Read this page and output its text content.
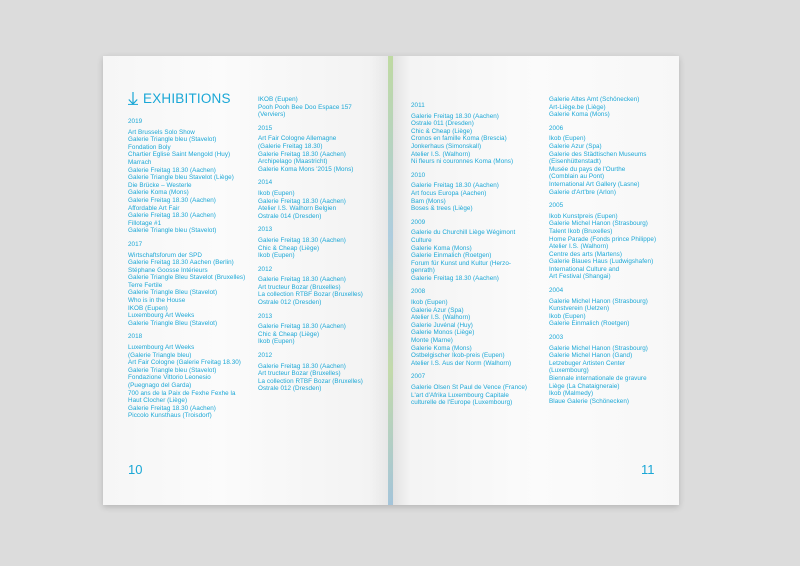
EXHIBITIONS
2019
Art Brussels Solo Show
Galerie Triangle bleu (Stavelot)
Fondation Boly
Chartier Eglise Saint Mengold (Huy)
Marrach
Galerie Freitag 18.30 (Aachen)
Galerie Triangle bleu Stavelot (Liège)
Die Brücke – Westerle
Galerie Koma (Mons)
Galerie Freitag 18.30 (Aachen)
Affordable Art Fair
Galerie Freitag 18.30 (Aachen)
Fillotage #1
Galerie Triangle bleu (Stavelot)
2017
Wirtschaftsforum der SPD
Galerie Freitag 18.30 Aachen (Berlin)
Stéphane Goosse Intérieurs
Galerie Triangle Bleu Stavelot (Bruxelles)
Terre Fertile
Galerie Triangle Bleu (Stavelot)
Who is in the House
IKOB (Eupen)
Luxembourg Art Weeks
Galerie Triangle Bleu (Stavelot)
2018
Luxembourg Art Weeks
(Galerie Triangle bleu)
Art Fair Cologne (Galerie Freitag 18.30)
Galerie Triangle bleu (Stavelot)
Fondazione Vittorio Leonesio
(Puegnago del Garda)
700 ans de la Paix de Fexhe Fexhe la
Haut Clocher (Liège)
Galerie Freitag 18.30 (Aachen)
Piccolo Kunsthaus (Troisdorf)
IKOB (Eupen)
Pooh Pooh Bee Doo Espace 157
(Verviers)
2015
Art Fair Cologne Allemagne
(Galerie Freitag 18.30)
Galerie Freitag 18.30 (Aachen)
Archipelago (Maastricht)
Galerie Koma Mons '2015 (Mons)
2014
Ikob (Eupen)
Galerie Freitag 18.30 (Aachen)
Atelier I.S. Walhorn Belgien
Ostrale 014 (Dresden)
2013
Galerie Freitag 18.30 (Aachen)
Chic & Cheap (Liège)
Ikob (Eupen)
2012
Galerie Freitag 18.30 (Aachen)
Art tructeur Bozar (Bruxelles)
La collection RTBF Bozar (Bruxelles)
Ostrale 012 (Dresden)
2013
Galerie Freitag 18.30 (Aachen)
Chic & Cheap (Liège)
Ikob (Eupen)
2012
Galerie Freitag 18.30 (Aachen)
Art tructeur Bozar (Bruxelles)
La collection RTBF Bozar (Bruxelles)
Ostrale 012 (Dresden)
10
2011
Galerie Freitag 18.30 (Aachen)
Ostrale 011 (Dresden)
Chic & Cheap (Liège)
Cronos en famille Koma (Brescia)
Jonkerhaus (Simonskall)
Atelier I.S. (Walhorn)
Ni fleurs ni couronnes Koma (Mons)
2010
Galerie Freitag 18.30 (Aachen)
Art focus Europa (Aachen)
Bam (Mons)
Boses & trees (Liège)
2009
Galerie du Churchill Liège Wégimont
Culture
Galerie Koma (Mons)
Galerie Einmalich (Roetgen)
Forum für Kunst und Kultur (Herzo-
genrath)
Galerie Freitag 18.30 (Aachen)
2008
Ikob (Eupen)
Galerie Azur (Spa)
Atelier I.S. (Walhorn)
Galerie Juvénal (Huy)
Galerie Monos (Liège)
Monte (Marne)
Galerie Koma (Mons)
Ostbelgischer Ikob-preis (Eupen)
Atelier I.S. Aus der Norm (Walhorn)
2007
Galerie Olsen St Paul de Vence (France)
L'art d'Afrika Luxembourg Capitale
culturelle de l'Europe (Luxembourg)
Galerie Altes Amt (Schönecken)
Art-Liège.be (Liège)
Galerie Koma (Mons)
2006
Ikob (Eupen)
Galerie Azur (Spa)
Galerie des Städtischen Museums
(Eisenhüttenstadt)
Musée du pays de l'Ourthe
(Comblain au Pont)
International Art Gallery (Lasne)
Galerie d'Art'bre (Arlon)
2005
Ikob Kunstpreis (Eupen)
Galerie Michel Hanon (Strasbourg)
Talent Ikob (Bruxelles)
Home Parade (Fonds prince Philippe)
Atelier I.S. (Walhorn)
Centre des arts (Martens)
Galerie Blaues Haus (Ludwigshafen)
International Culture and
Art Festival (Shangai)
2004
Galerie Michel Hanon (Strasbourg)
Kunstverein (Uetzen)
Ikob (Eupen)
Galerie Einmalich (Roetgen)
2003
Galerie Michel Hanon (Strasbourg)
Galerie Michel Hanon (Gand)
Letzebuger Artisten Center
(Luxembourg)
Biennale internationale de gravure
Liège (La Chataigneraie)
Ikob (Malmedy)
Blaue Galerie (Schönecken)
11
